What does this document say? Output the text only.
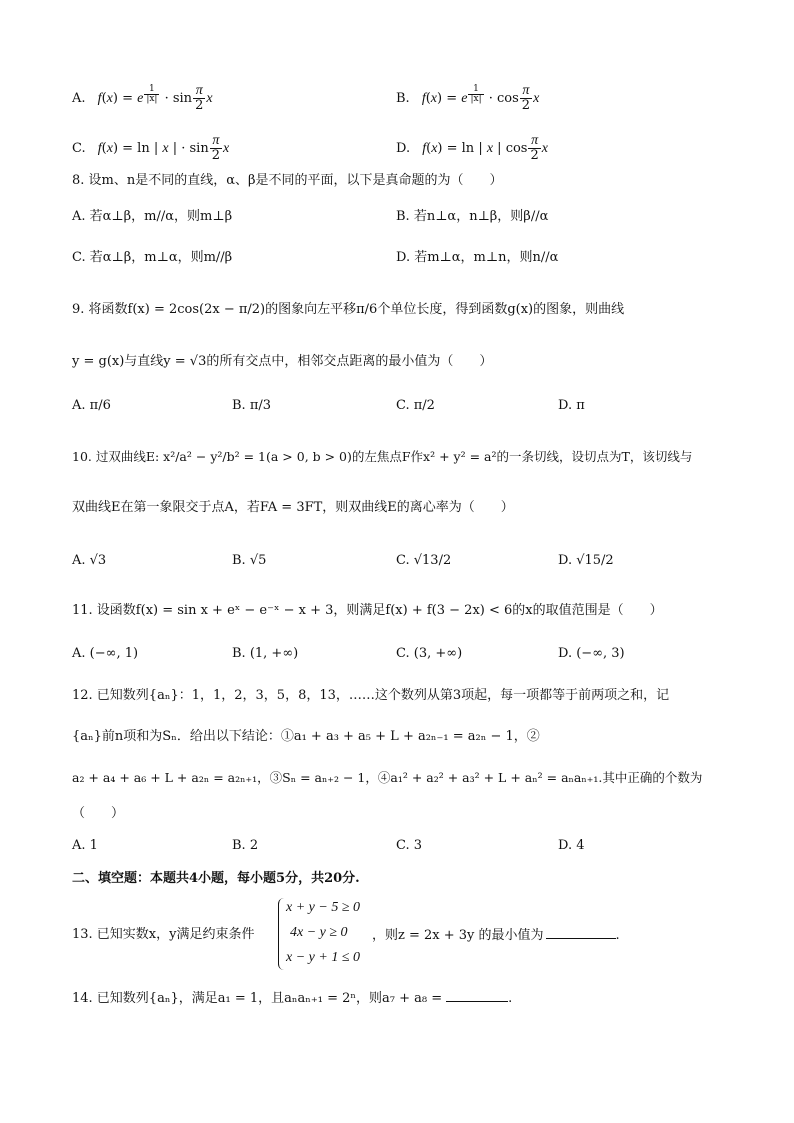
A. f(x) = e $^{\frac{1}{|x|}} \cdot \sin \frac{\pi}{2}$ x	B. f(x) = e $^{\frac{1}{|x|}} \cdot \cos \frac{\pi}{2}$ x
C. f(x) = ln | x | · $\sin \frac{\pi}{2}$ x	D. f(x) = ln | x | $\cos \frac{\pi}{2}$ x
8. 设m、n是不同的直线，α、β是不同的平面，以下是真命题的为（　　）
A. 若α⊥β，m//α，则m⊥β	B. 若n⊥α，n⊥β，则β//α
C. 若α⊥β，m⊥α，则m//β	D. 若m⊥α，m⊥n，则n//α
9. 将函数f(x) = 2cos(2x − π/2)的图象向左平移π/6个单位长度，得到函数g(x)的图象，则曲线
y = g(x)与直线y = √3的所有交点中，相邻交点距离的最小值为（　　）
A. π/6	B. π/3	C. π/2	D. π
10. 过双曲线E: x²/a² − y²/b² = 1(a > 0, b > 0)的左焦点F作x² + y² = a²的一条切线，设切点为T，该切线与
双曲线E在第一象限交于点A，若FA = 3FT，则双曲线E的离心率为（　　）
A. √3	B. √5	C. √13/2	D. √15/2
11. 设函数f(x) = sin x + eˣ − e⁻ˣ − x + 3，则满足f(x) + f(3 − 2x) < 6的x的取值范围是（　　）
A. (−∞, 1)	B. (1, +∞)	C. (3, +∞)	D. (−∞, 3)
12. 已知数列{aₙ}：1，1，2，3，5，8，13，……这个数列从第3项起，每一项都等于前两项之和，记
{aₙ}前n项和为Sₙ．给出以下结论：①a₁ + a₃ + a₅ + L + a₂ₙ₋₁ = a₂ₙ − 1，②
a₂ + a₄ + a₆ + L + a₂ₙ = a₂ₙ₊₁，③Sₙ = aₙ₊₂ − 1，④a₁² + a₂² + a₃² + L + aₙ² = aₙaₙ₊₁.其中正确的个数为
（　　）
A. 1	B. 2	C. 3	D. 4
二、填空题：本题共4小题，每小题5分，共20分.
13. 已知实数x，y满足约束条件
x + y − 5 ≥ 0
4x − y ≥ 0
x − y + 1 ≤ 0
，则z = 2x + 3y 的最小值为	.
14. 已知数列{aₙ}，满足a₁ = 1，且aₙaₙ₊₁ = 2ⁿ，则a₇ + a₈ =	.
